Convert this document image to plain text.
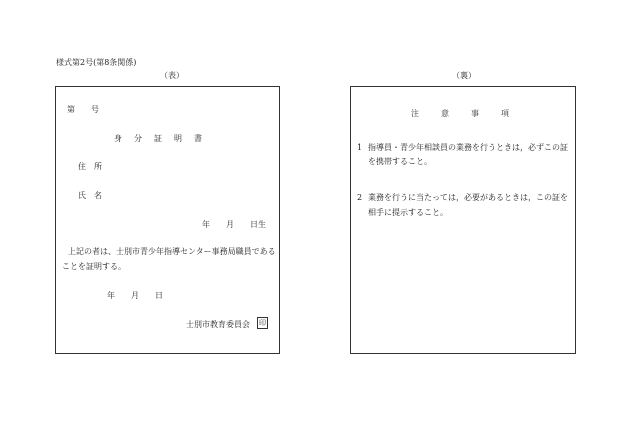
様式第2号(第8条関係)
（表）	（裏）
第　　号
身　分　証　明　書
住　所
氏　名
年　　月　　日生
上記の者は、士別市青少年指導センター事務局職員である
ことを証明する。
年　　月　　日
士別市教育委員会 印
注　　意　　事　　項
1 指導員・青少年相談員の業務を行うときは，必ずこの証
を携帯すること。
2 業務を行うに当たっては，必要があるときは，この証を
相手に提示すること。
